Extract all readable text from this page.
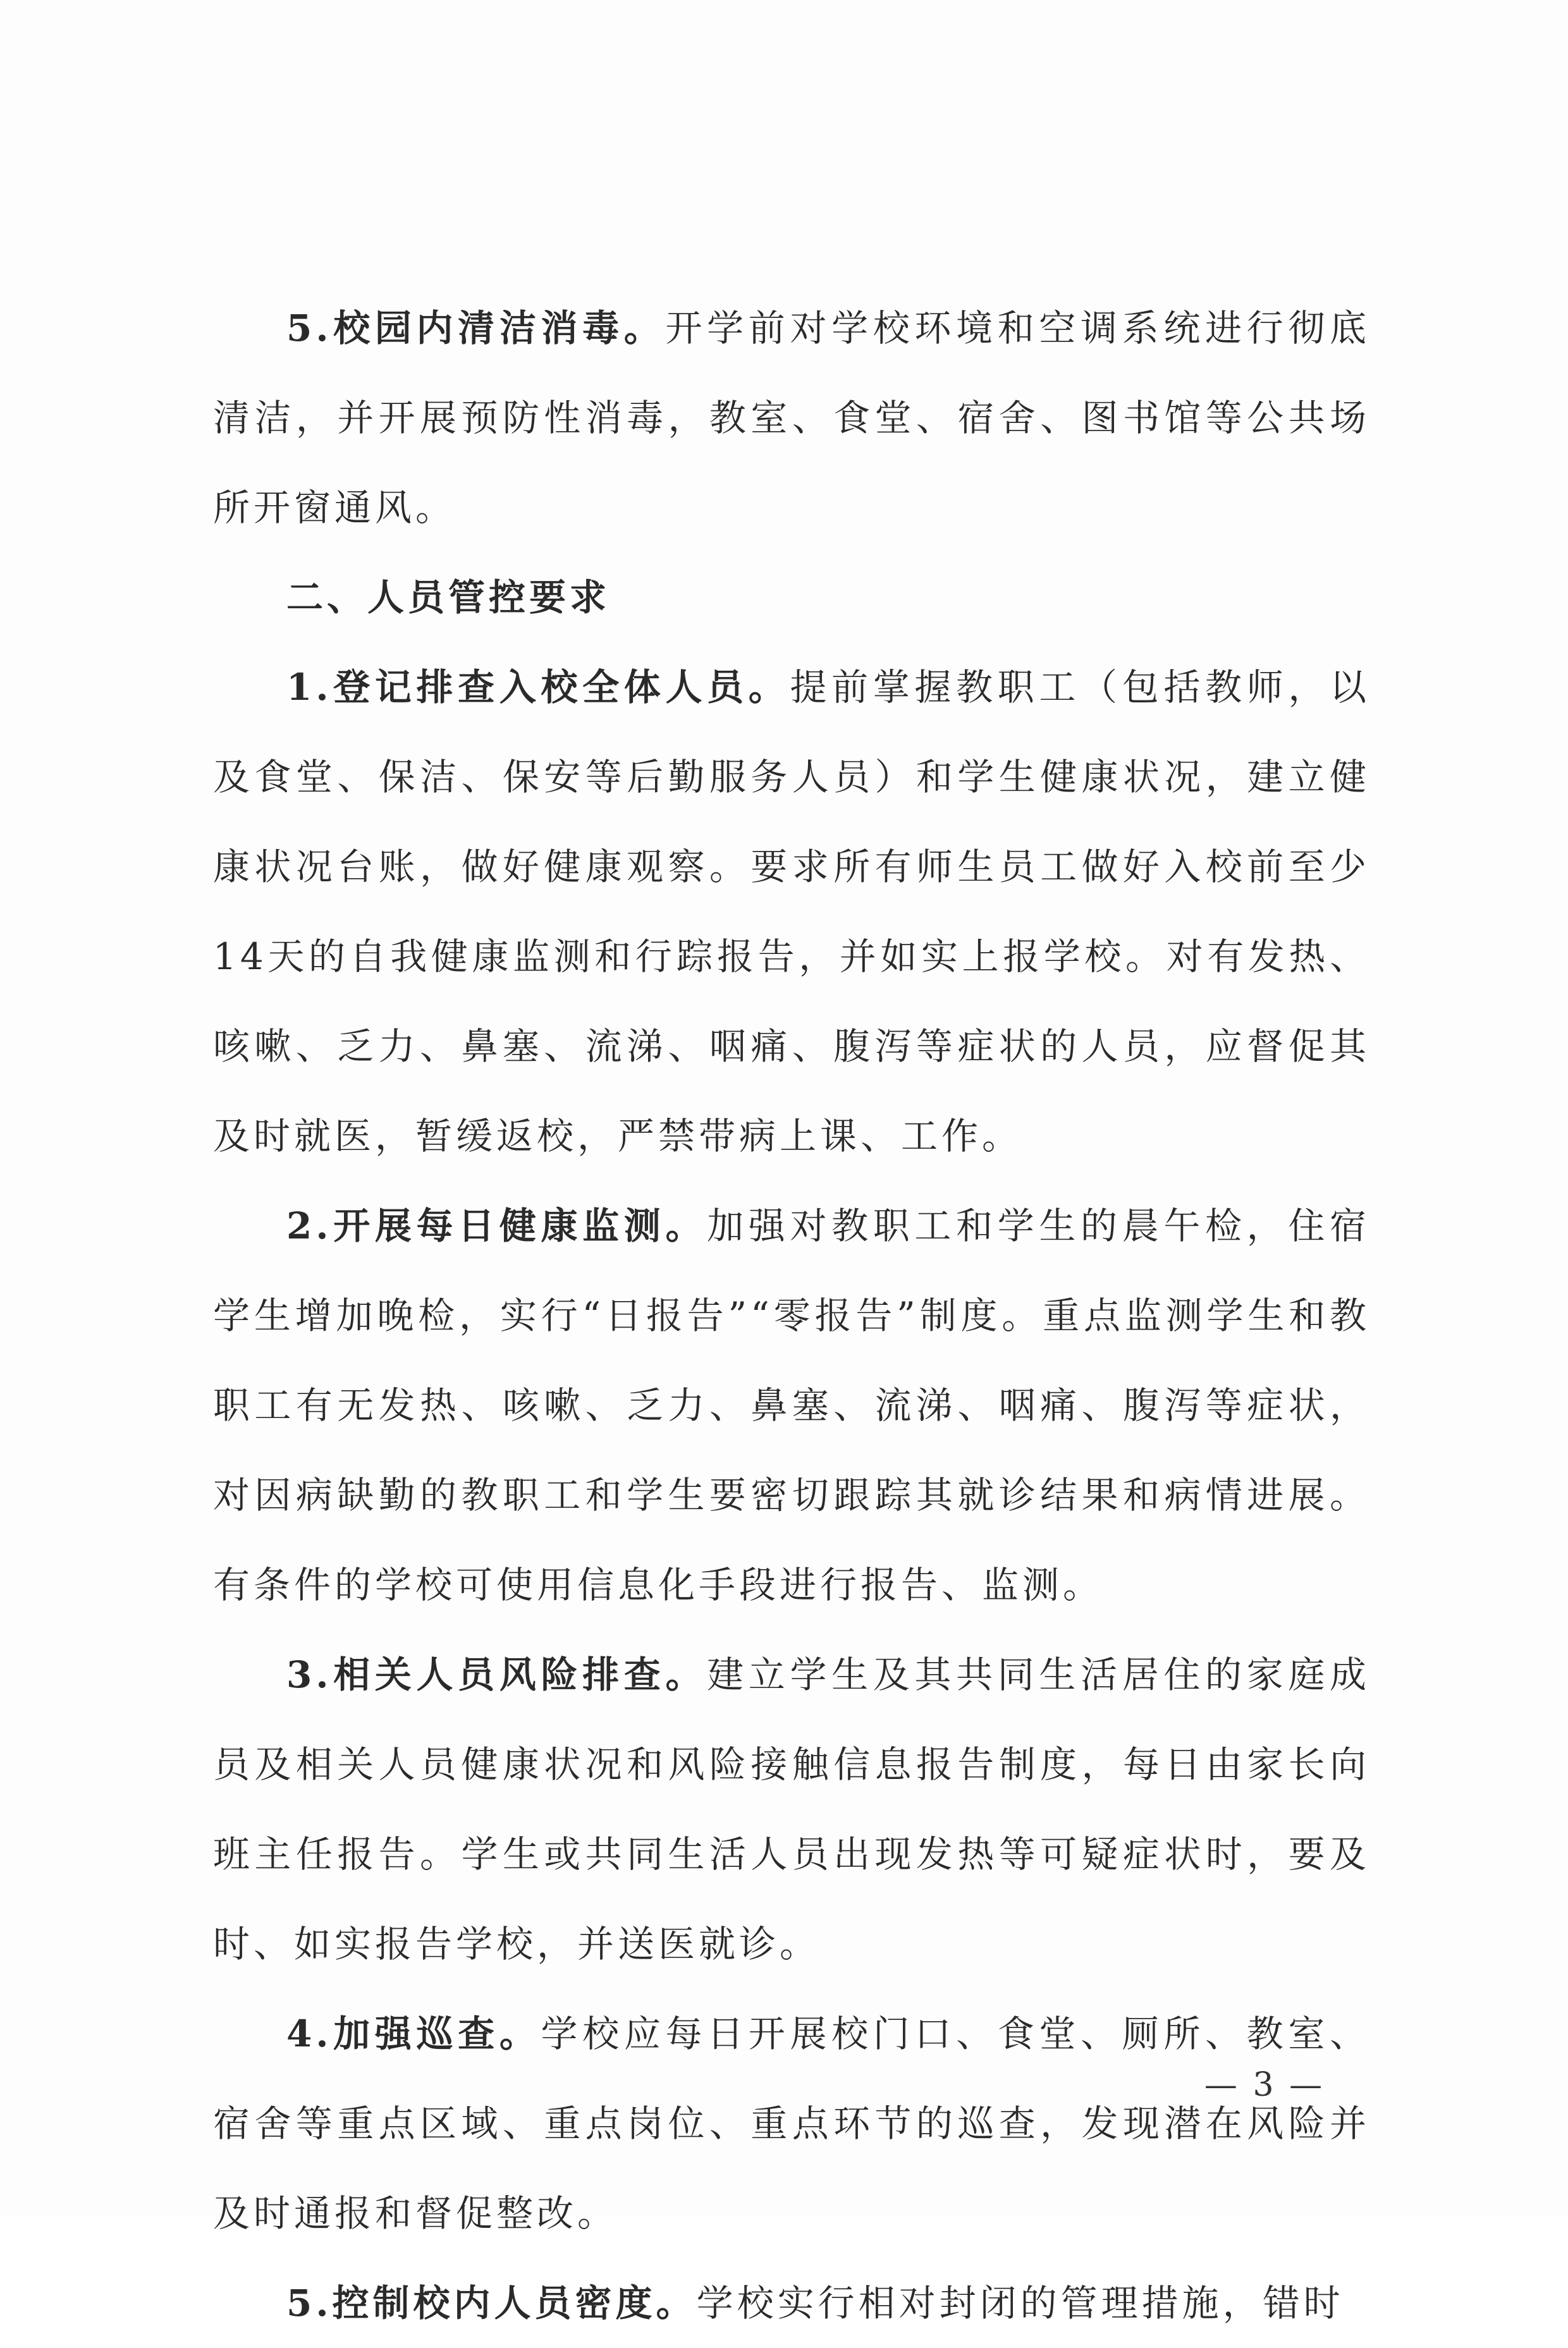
5.校园内清洁消毒。开学前对学校环境和空调系统进行彻底清洁，并开展预防性消毒，教室、食堂、宿舍、图书馆等公共场所开窗通风。

二、人员管控要求

1.登记排查入校全体人员。提前掌握教职工（包括教师，以及食堂、保洁、保安等后勤服务人员）和学生健康状况，建立健康状况台账，做好健康观察。要求所有师生员工做好入校前至少14天的自我健康监测和行踪报告，并如实上报学校。对有发热、咳嗽、乏力、鼻塞、流涕、咽痛、腹泻等症状的人员，应督促其及时就医，暂缓返校，严禁带病上课、工作。

2.开展每日健康监测。加强对教职工和学生的晨午检，住宿学生增加晚检，实行“日报告”“零报告”制度。重点监测学生和教职工有无发热、咳嗽、乏力、鼻塞、流涕、咽痛、腹泻等症状，对因病缺勤的教职工和学生要密切跟踪其就诊结果和病情进展。有条件的学校可使用信息化手段进行报告、监测。

3.相关人员风险排查。建立学生及其共同生活居住的家庭成员及相关人员健康状况和风险接触信息报告制度，每日由家长向班主任报告。学生或共同生活人员出现发热等可疑症状时，要及时、如实报告学校，并送医就诊。

4.加强巡查。学校应每日开展校门口、食堂、厕所、教室、宿舍等重点区域、重点岗位、重点环节的巡查，发现潜在风险并及时通报和督促整改。

5.控制校内人员密度。学校实行相对封闭的管理措施，错时

— 3 —
